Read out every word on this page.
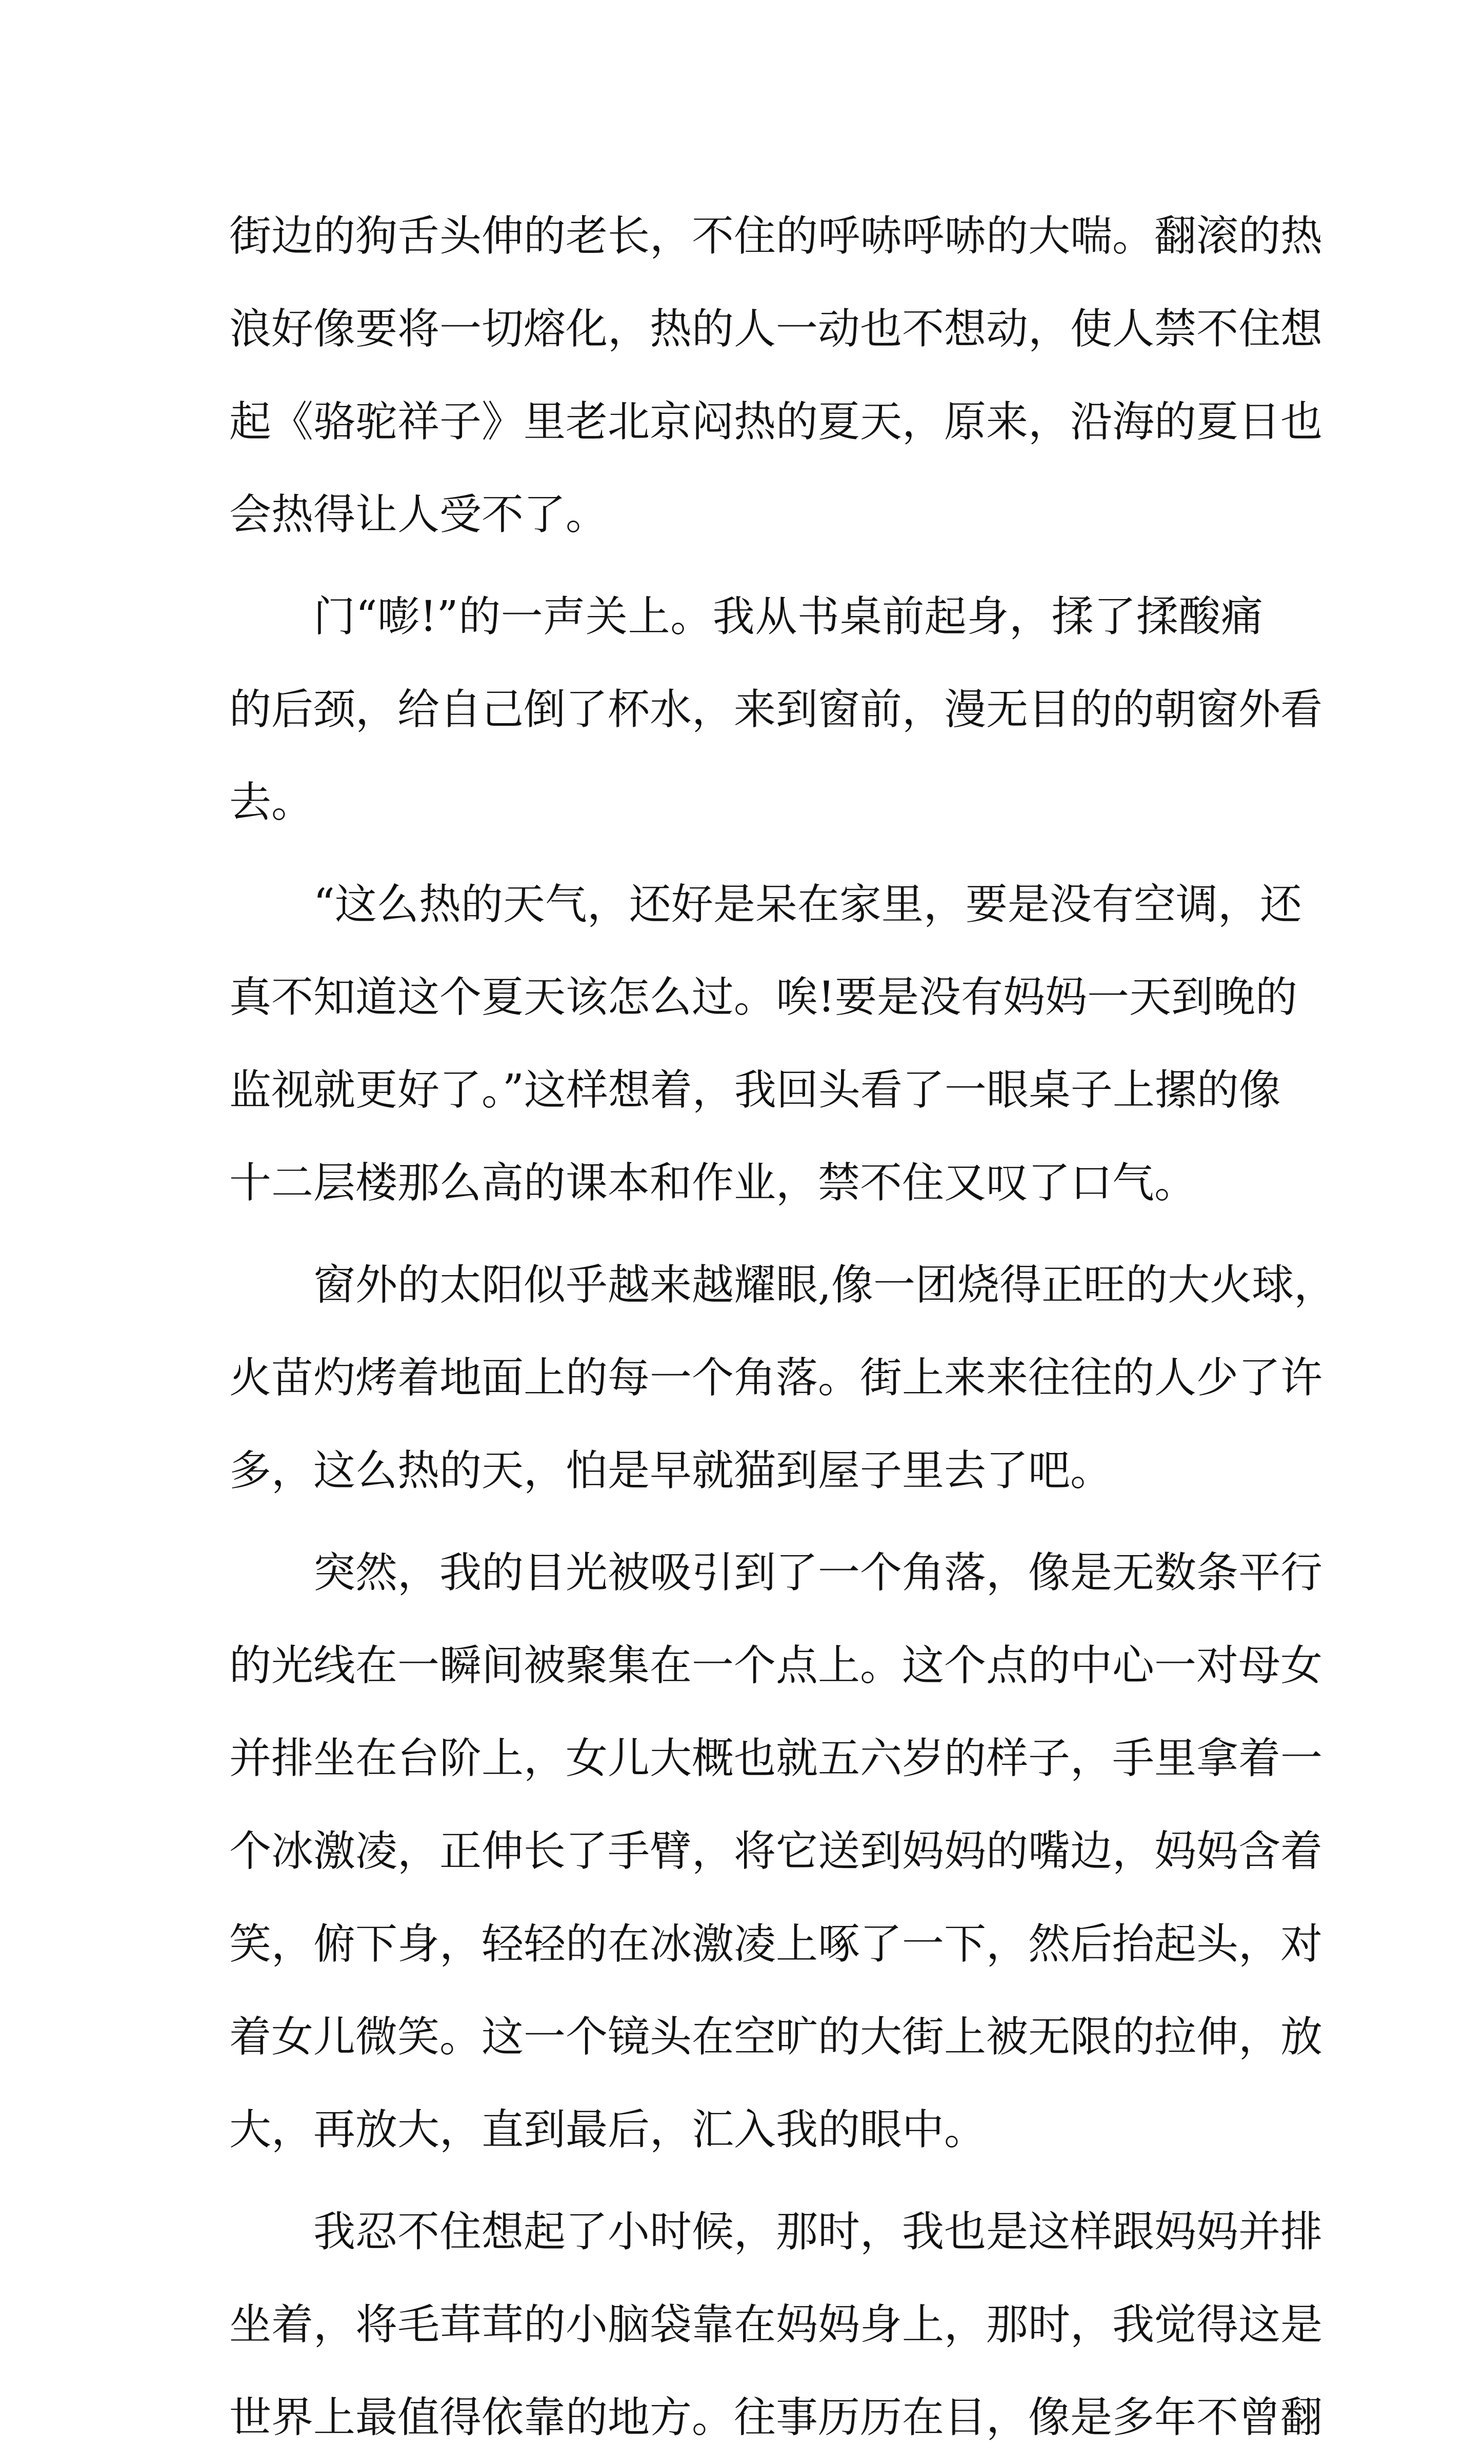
街边的狗舌头伸的老长，不住的呼哧呼哧的大喘。翻滚的热
浪好像要将一切熔化，热的人一动也不想动，使人禁不住想
起《骆驼祥子》里老北京闷热的夏天，原来，沿海的夏日也
会热得让人受不了。
门“嘭!”的一声关上。我从书桌前起身，揉了揉酸痛
的后颈，给自己倒了杯水，来到窗前，漫无目的的朝窗外看
去。
“这么热的天气，还好是呆在家里，要是没有空调，还
真不知道这个夏天该怎么过。唉!要是没有妈妈一天到晚的
监视就更好了。”这样想着，我回头看了一眼桌子上摞的像
十二层楼那么高的课本和作业，禁不住又叹了口气。
窗外的太阳似乎越来越耀眼,像一团烧得正旺的大火球，
火苗灼烤着地面上的每一个角落。街上来来往往的人少了许
多，这么热的天，怕是早就猫到屋子里去了吧。
突然，我的目光被吸引到了一个角落，像是无数条平行
的光线在一瞬间被聚集在一个点上。这个点的中心一对母女
并排坐在台阶上，女儿大概也就五六岁的样子，手里拿着一
个冰激凌，正伸长了手臂，将它送到妈妈的嘴边，妈妈含着
笑，俯下身，轻轻的在冰激凌上啄了一下，然后抬起头，对
着女儿微笑。这一个镜头在空旷的大街上被无限的拉伸，放
大，再放大，直到最后，汇入我的眼中。
我忍不住想起了小时候，那时，我也是这样跟妈妈并排
坐着，将毛茸茸的小脑袋靠在妈妈身上，那时，我觉得这是
世界上最值得依靠的地方。往事历历在目，像是多年不曾翻
